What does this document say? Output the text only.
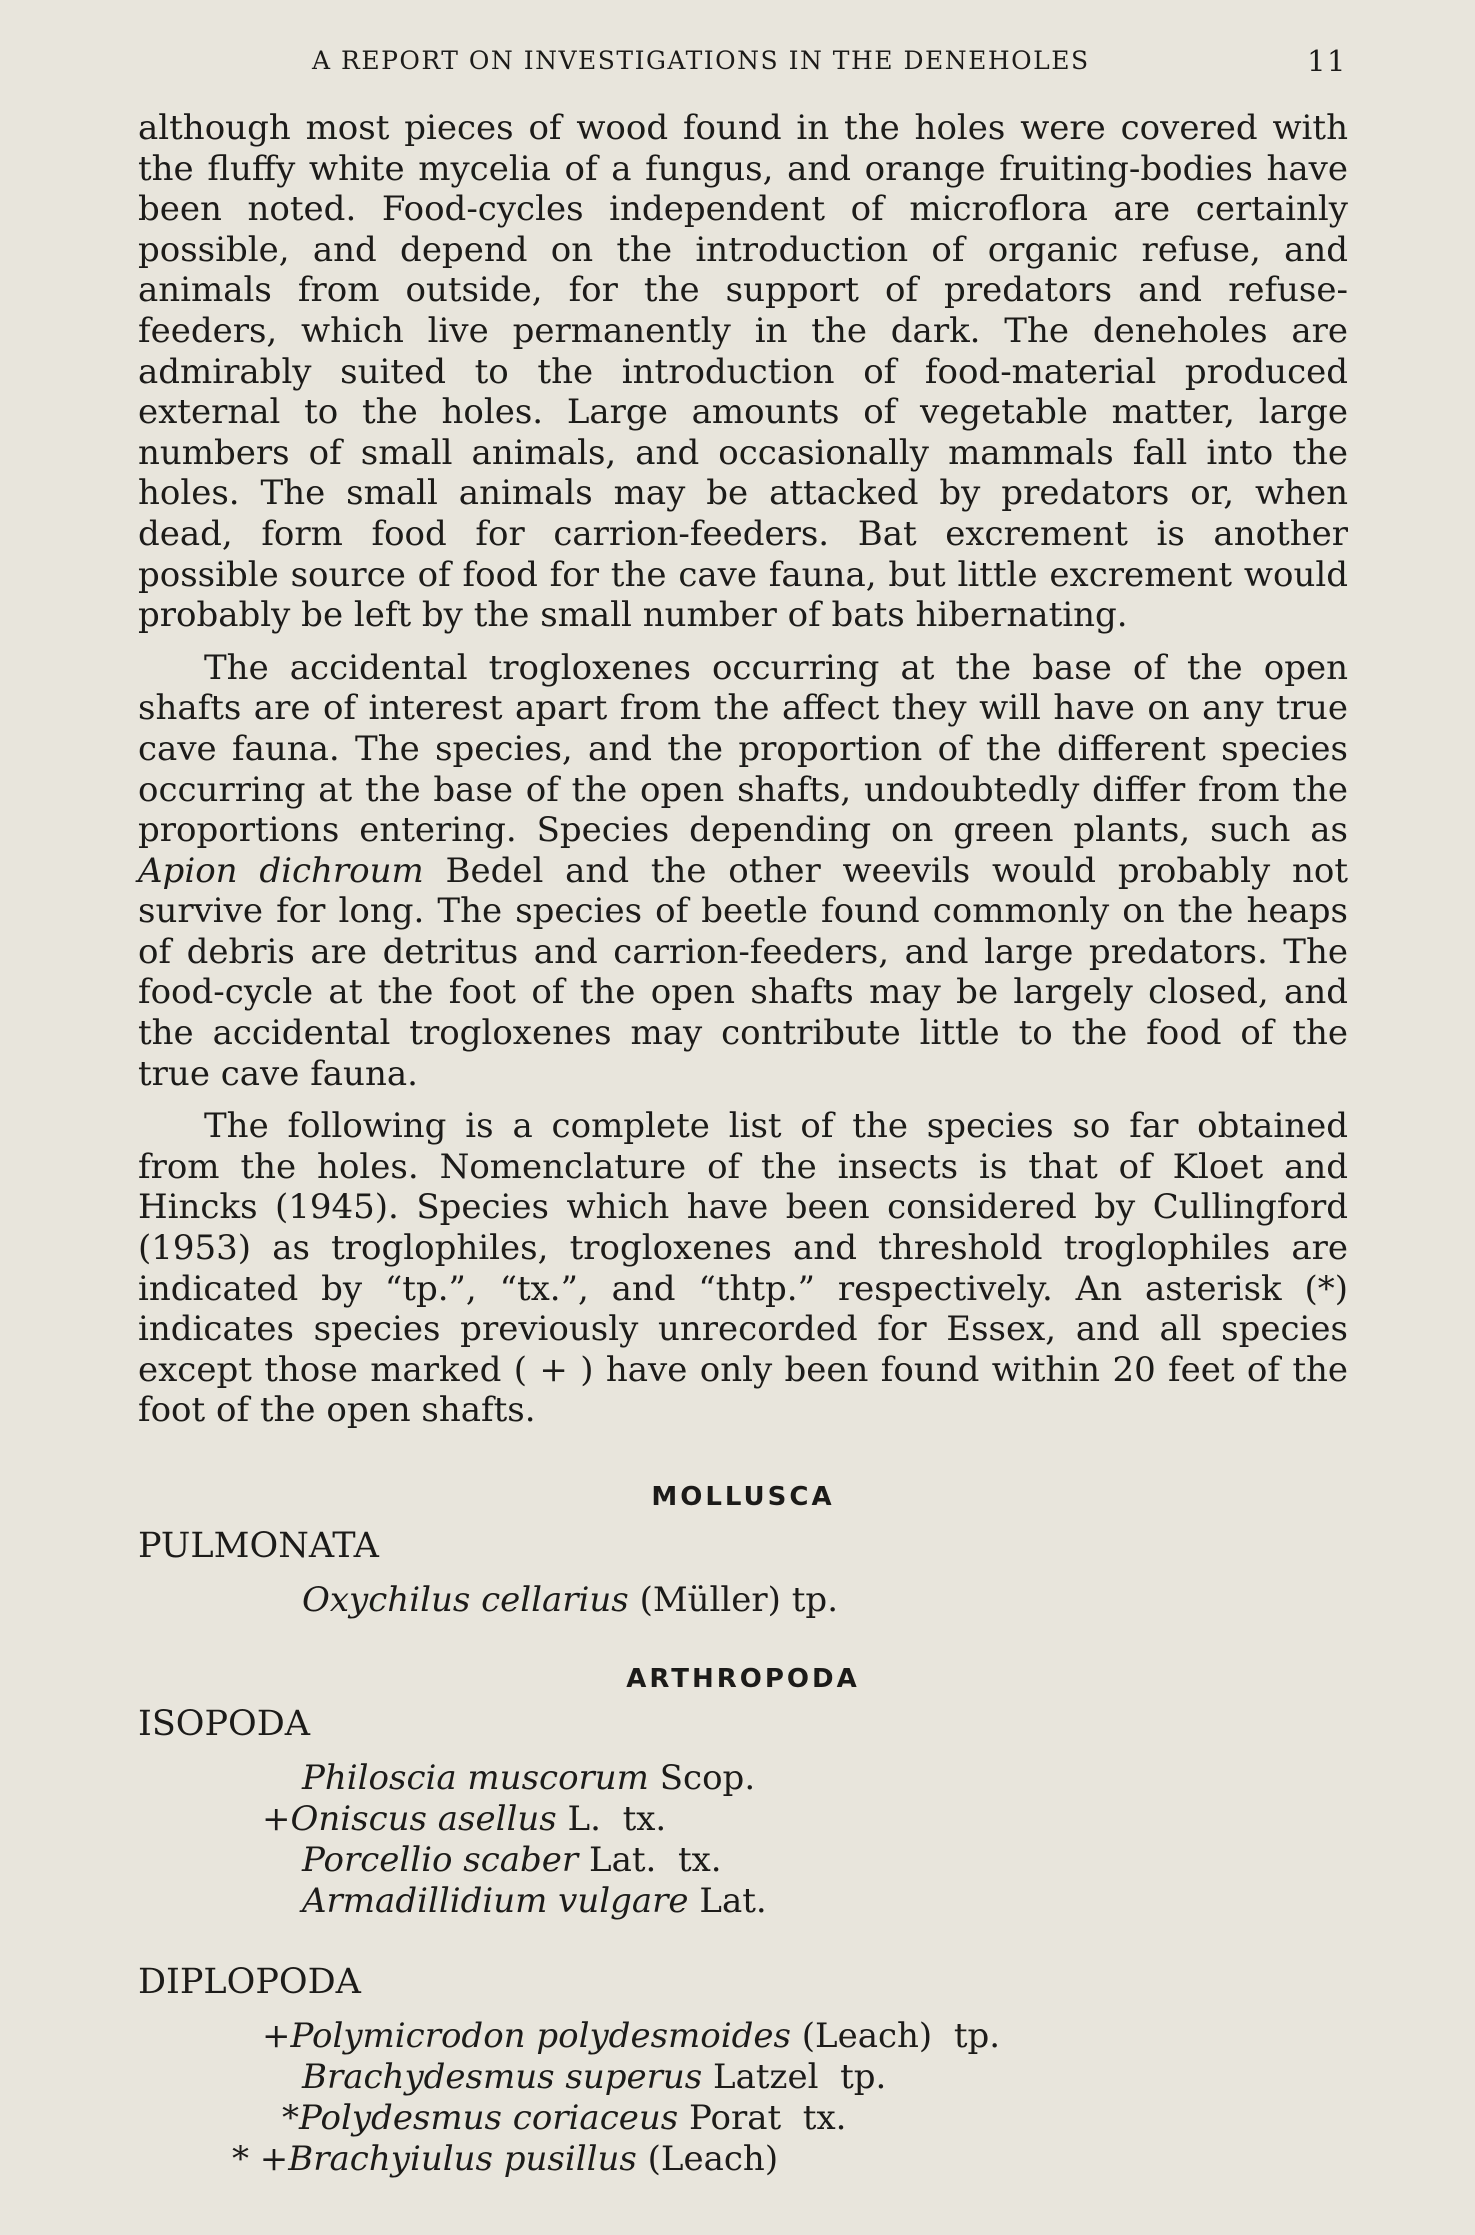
A REPORT ON INVESTIGATIONS IN THE DENEHOLES	11

although most pieces of wood found in the holes were covered with the fluffy white mycelia of a fungus, and orange fruiting-bodies have been noted. Food-cycles independent of microflora are certainly possible, and depend on the introduction of organic refuse, and animals from outside, for the support of predators and refuse-feeders, which live permanently in the dark. The deneholes are admirably suited to the introduction of food-material produced external to the holes. Large amounts of vegetable matter, large numbers of small animals, and occasionally mammals fall into the holes. The small animals may be attacked by predators or, when dead, form food for carrion-feeders. Bat excrement is another possible source of food for the cave fauna, but little excrement would probably be left by the small number of bats hibernating.

The accidental trogloxenes occurring at the base of the open shafts are of interest apart from the affect they will have on any true cave fauna. The species, and the proportion of the different species occurring at the base of the open shafts, undoubtedly differ from the proportions entering. Species depending on green plants, such as Apion dichroum Bedel and the other weevils would probably not survive for long. The species of beetle found commonly on the heaps of debris are detritus and carrion-feeders, and large predators. The food-cycle at the foot of the open shafts may be largely closed, and the accidental trogloxenes may contribute little to the food of the true cave fauna.

The following is a complete list of the species so far obtained from the holes. Nomenclature of the insects is that of Kloet and Hincks (1945). Species which have been considered by Cullingford (1953) as troglophiles, trogloxenes and threshold troglophiles are indicated by “tp.”, “tx.”, and “thtp.” respectively. An asterisk (*) indicates species previously unrecorded for Essex, and all species except those marked ( + ) have only been found within 20 feet of the foot of the open shafts.

MOLLUSCA
PULMONATA
Oxychilus cellarius (Müller) tp.
ARTHROPODA
ISOPODA
Philoscia muscorum Scop.
+Oniscus asellus L. tx.
Porcellio scaber Lat. tx.
Armadillidium vulgare Lat.
DIPLOPODA
+Polymicrodon polydesmoides (Leach) tp.
Brachydesmus superus Latzel tp.
*Polydesmus coriaceus Porat tx.
* +Brachyiulus pusillus (Leach)
